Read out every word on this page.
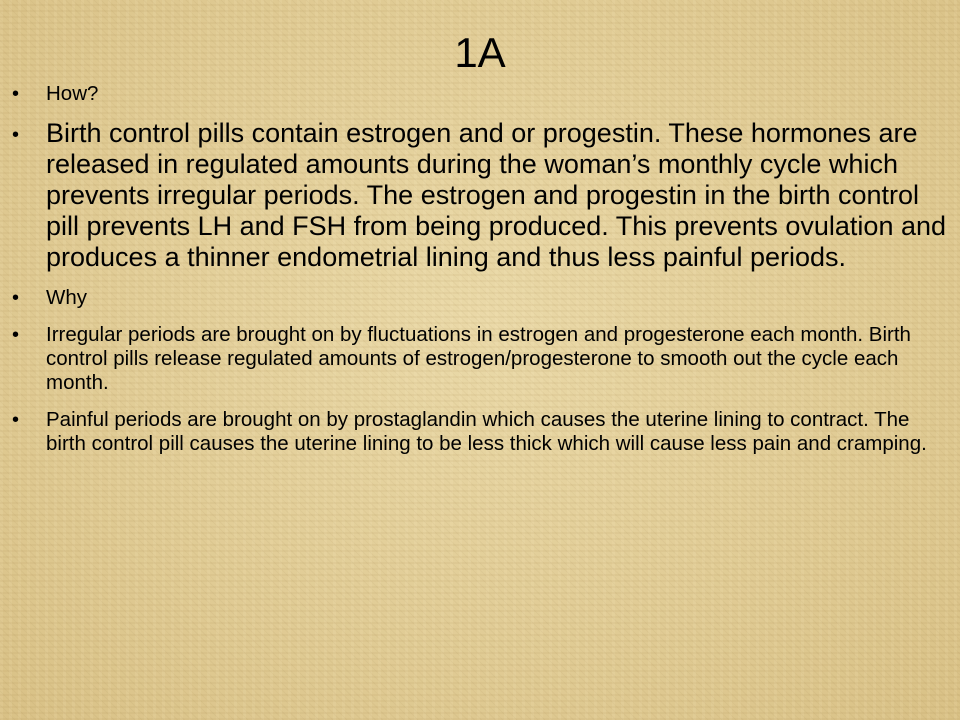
1A
• How?
• Birth control pills contain estrogen and or progestin. These hormones are released in regulated amounts during the woman’s monthly cycle which prevents irregular periods. The estrogen and progestin in the birth control pill prevents LH and FSH from being produced. This prevents ovulation and produces a thinner endometrial lining and thus less painful periods.
• Why
• Irregular periods are brought on by fluctuations in estrogen and progesterone each month. Birth control pills release regulated amounts of estrogen/progesterone to smooth out the cycle each month.
• Painful periods are brought on by prostaglandin which causes the uterine lining to contract. The birth control pill causes the uterine lining to be less thick which will cause less pain and cramping.
